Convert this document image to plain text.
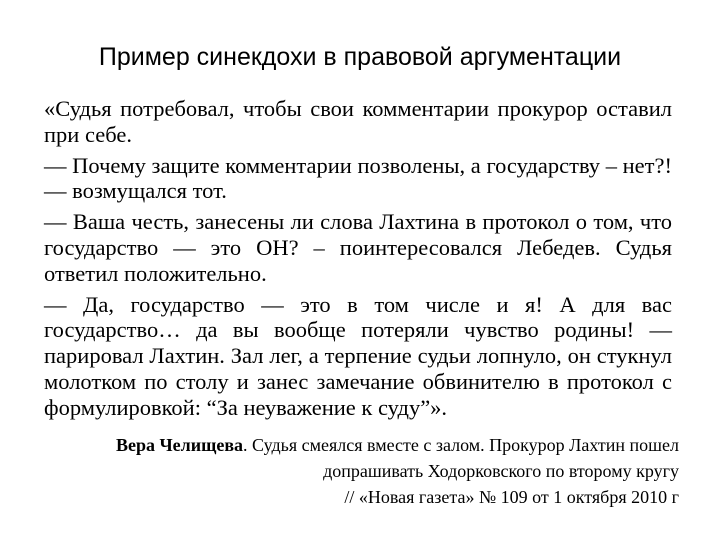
Пример синекдохи в правовой аргументации

«Судья потребовал, чтобы свои комментарии прокурор оставил при себе.

— Почему защите комментарии позволены, а государству – нет?! — возмущался тот.

— Ваша честь, занесены ли слова Лахтина в протокол о том, что государство — это ОН? – поинтересовался Лебедев. Судья ответил положительно.

— Да, государство — это в том числе и я! А для вас государство… да вы вообще потеряли чувство родины! — парировал Лахтин. Зал лег, а терпение судьи лопнуло, он стукнул молотком по столу и занес замечание обвинителю в протокол с формулировкой: “За неуважение к суду”».

Вера Челищева. Судья смеялся вместе с залом. Прокурор Лахтин пошел

допрашивать Ходорковского по второму кругу

// «Новая газета» № 109 от 1 октября 2010 г
